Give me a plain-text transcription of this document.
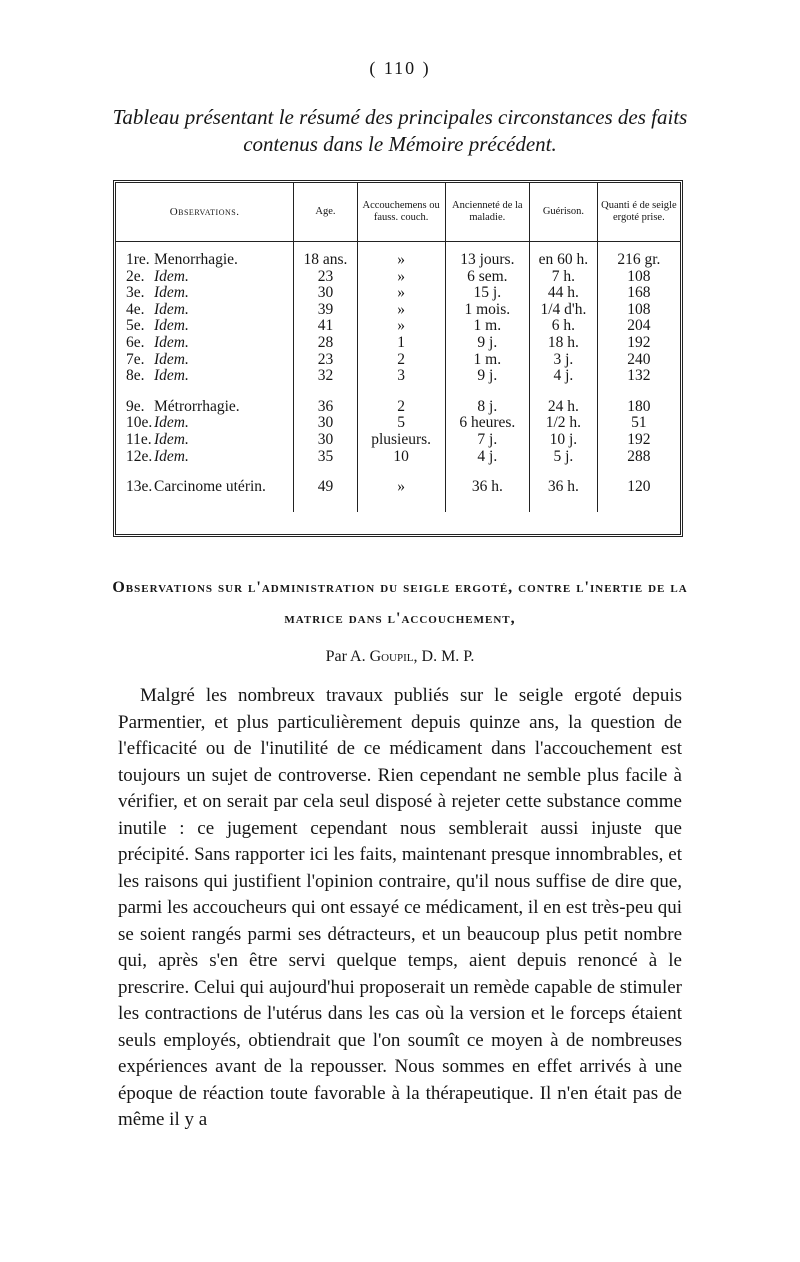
( 110 )
Tableau présentant le résumé des principales circonstances des faits contenus dans le Mémoire précédent.
Observations.	Age.	Accouchemens ou fauss. couch.	Ancienneté de la maladie.	Guérison.	Quanti é de seigle ergoté prise.

1re. Menorrhagie.	18 ans.	»	13 jours.	en 60 h.	216 gr.
2e. Idem.	23	»	6 sem.	7 h.	108
3e. Idem.	30	»	15 j.	44 h.	168
4e. Idem.	39	»	1 mois.	1/4 d'h.	108
5e. Idem.	41	»	1 m.	6 h.	204
6e. Idem.	28	1	9 j.	18 h.	192
7e. Idem.	23	2	1 m.	3 j.	240
8e. Idem.	32	3	9 j.	4 j.	132
9e. Métrorrhagie.	36	2	8 j.	24 h.	180
10e. Idem.	30	5	6 heures.	1/2 h.	51
11e. Idem.	30	plusieurs.	7 j.	10 j.	192
12e. Idem.	35	10	4 j.	5 j.	288
13e. Carcinome utérin.	49	»	36 h.	36 h.	120

Observations sur l'administration du seigle ergoté, contre l'inertie de la matrice dans l'accouchement,
Par A. Goupil, D. M. P.
Malgré les nombreux travaux publiés sur le seigle ergoté depuis Parmentier, et plus particulièrement depuis quinze ans, la question de l'efficacité ou de l'inutilité de ce médicament dans l'accouchement est toujours un sujet de controverse. Rien cependant ne semble plus facile à vérifier, et on serait par cela seul disposé à rejeter cette substance comme inutile : ce jugement cependant nous semblerait aussi injuste que précipité. Sans rapporter ici les faits, maintenant presque innombrables, et les raisons qui justifient l'opinion contraire, qu'il nous suffise de dire que, parmi les accoucheurs qui ont essayé ce médicament, il en est très-peu qui se soient rangés parmi ses détracteurs, et un beaucoup plus petit nombre qui, après s'en être servi quelque temps, aient depuis renoncé à le prescrire. Celui qui aujourd'hui proposerait un remède capable de stimuler les contractions de l'utérus dans les cas où la version et le forceps étaient seuls employés, obtiendrait que l'on soumît ce moyen à de nombreuses expériences avant de la repousser. Nous sommes en effet arrivés à une époque de réaction toute favorable à la thérapeutique. Il n'en était pas de même il y a
